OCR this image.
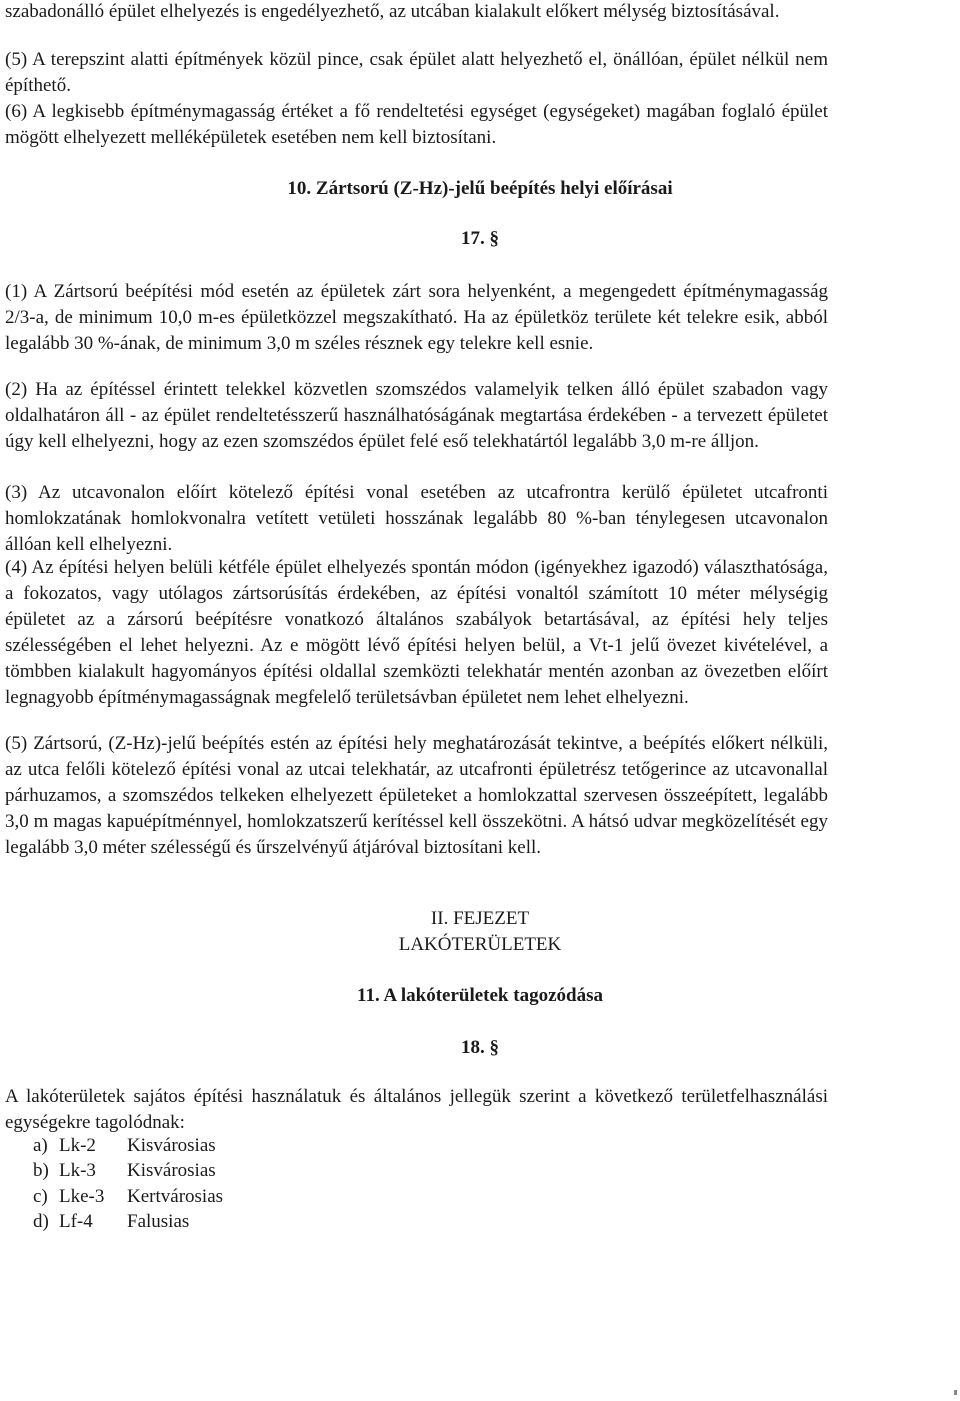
szabadonálló épület elhelyezés is engedélyezhető, az utcában kialakult előkert mélység biztosításával.

(5) A terepszint alatti építmények közül pince, csak épület alatt helyezhető el, önállóan, épület nélkül nem építhető.

(6) A legkisebb építménymagasság értéket a fő rendeltetési egységet (egységeket) magában foglaló épület mögött elhelyezett melléképületek esetében nem kell biztosítani.

10. Zártsorú (Z-Hz)-jelű beépítés helyi előírásai

17. §

(1) A Zártsorú beépítési mód esetén az épületek zárt sora helyenként, a megengedett építménymagasság 2/3-a, de minimum 10,0 m-es épületközzel megszakítható. Ha az épületköz területe két telekre esik, abból legalább 30 %-ának, de minimum 3,0 m széles résznek egy telekre kell esnie.

(2) Ha az építéssel érintett telekkel közvetlen szomszédos valamelyik telken álló épület szabadon vagy oldalhatáron áll - az épület rendeltetésszerű használhatóságának megtartása érdekében - a tervezett épületet úgy kell elhelyezni, hogy az ezen szomszédos épület felé eső telekhatártól legalább 3,0 m-re álljon.

(3) Az utcavonalon előírt kötelező építési vonal esetében az utcafrontra kerülő épületet utcafronti homlokzatának homlokvonalra vetített vetületi hosszának legalább 80 %-ban ténylegesen utcavonalon állóan kell elhelyezni.

(4) Az építési helyen belüli kétféle épület elhelyezés spontán módon (igényekhez igazodó) választhatósága, a fokozatos, vagy utólagos zártsorúsítás érdekében, az építési vonaltól számított 10 méter mélységig épületet az a zársorú beépítésre vonatkozó általános szabályok betartásával, az építési hely teljes szélességében el lehet helyezni. Az e mögött lévő építési helyen belül, a Vt-1 jelű övezet kivételével, a tömbben kialakult hagyományos építési oldallal szemközti telekhatár mentén azonban az övezetben előírt legnagyobb építménymagasságnak megfelelő területsávban épületet nem lehet elhelyezni.

(5) Zártsorú, (Z-Hz)-jelű beépítés estén az építési hely meghatározását tekintve, a beépítés előkert nélküli, az utca felőli kötelező építési vonal az utcai telekhatár, az utcafronti épületrész tetőgerince az utcavonallal párhuzamos, a szomszédos telkeken elhelyezett épületeket a homlokzattal szervesen összeépített, legalább 3,0 m magas kapuépítménnyel, homlokzatszerű kerítéssel kell összekötni. A hátsó udvar megközelítését egy legalább 3,0 méter szélességű és űrszelvényű átjáróval biztosítani kell.

II. FEJEZET

LAKÓTERÜLETEK

11. A lakóterületek tagozódása

18. §

A lakóterületek sajátos építési használatuk és általános jellegük szerint a következő területfelhasználási egységekre tagolódnak:

a) Lk-2	Kisvárosias
b) Lk-3	Kisvárosias
c) Lke-3	Kertvárosias
d) Lf-4	Falusias
